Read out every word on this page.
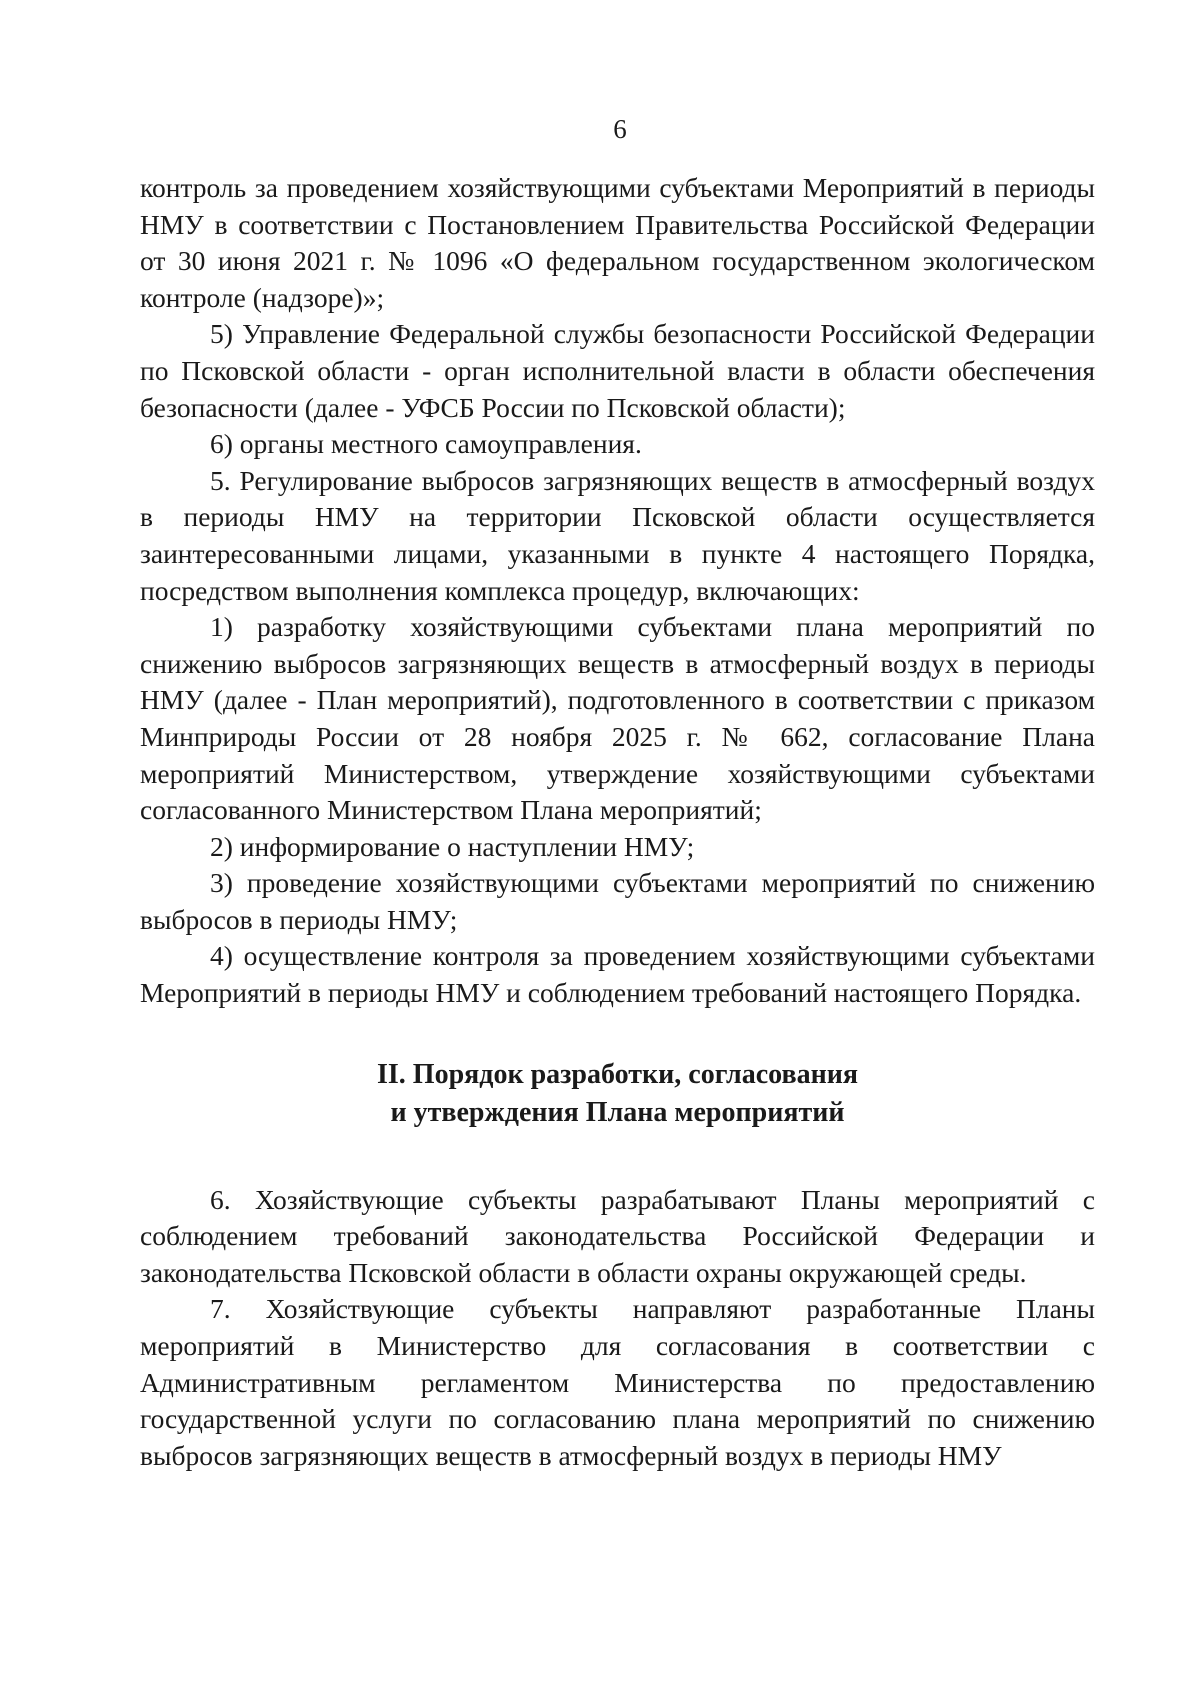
6

контроль за проведением хозяйствующими субъектами Мероприятий в периоды НМУ в соответствии с Постановлением Правительства Российской Федерации от 30 июня 2021 г. № 1096 «О федеральном государственном экологическом контроле (надзоре)»;

5) Управление Федеральной службы безопасности Российской Федерации по Псковской области - орган исполнительной власти в области обеспечения безопасности (далее - УФСБ России по Псковской области);

6) органы местного самоуправления.

5. Регулирование выбросов загрязняющих веществ в атмосферный воздух в периоды НМУ на территории Псковской области осуществляется заинтересованными лицами, указанными в пункте 4 настоящего Порядка, посредством выполнения комплекса процедур, включающих:

1) разработку хозяйствующими субъектами плана мероприятий по снижению выбросов загрязняющих веществ в атмосферный воздух в периоды НМУ (далее - План мероприятий), подготовленного в соответствии с приказом Минприроды России от 28 ноября 2025 г. № 662, согласование Плана мероприятий Министерством, утверждение хозяйствующими субъектами согласованного Министерством Плана мероприятий;

2) информирование о наступлении НМУ;

3) проведение хозяйствующими субъектами мероприятий по снижению выбросов в периоды НМУ;

4) осуществление контроля за проведением хозяйствующими субъектами Мероприятий в периоды НМУ и соблюдением требований настоящего Порядка.

II. Порядок разработки, согласования
и утверждения Плана мероприятий

6. Хозяйствующие субъекты разрабатывают Планы мероприятий с соблюдением требований законодательства Российской Федерации и законодательства Псковской области в области охраны окружающей среды.

7. Хозяйствующие субъекты направляют разработанные Планы мероприятий в Министерство для согласования в соответствии с Административным регламентом Министерства по предоставлению государственной услуги по согласованию плана мероприятий по снижению выбросов загрязняющих веществ в атмосферный воздух в периоды НМУ
